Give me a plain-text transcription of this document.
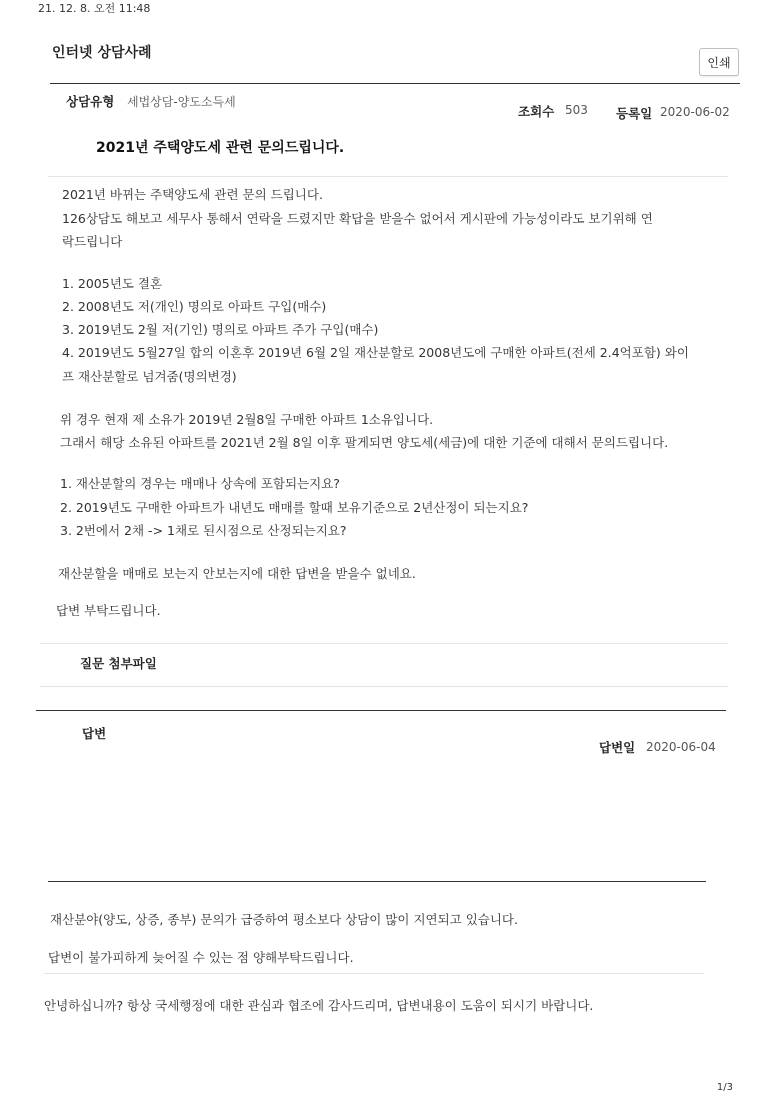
21. 12. 8. 오전 11:48
인터넷 상담사례
인쇄
상담유형 세법상담-양도소득세
조회수 503 등록일 2020-06-02
2021년 주택양도세 관련 문의드립니다.
2021년 바뀌는 주택양도세 관련 문의 드립니다.
126상담도 해보고 세무사 통해서 연락을 드렸지만 확답을 받을수 없어서 게시판에 가능성이라도 보기위해 연
락드립니다
1. 2005년도 결혼
2. 2008년도 저(개인) 명의로 아파트 구입(매수)
3. 2019년도 2월 저(기인) 명의로 아파트 주가 구입(매수)
4. 2019년도 5월27일 합의 이혼후 2019년 6월 2일 재산분할로 2008년도에 구매한 아파트(전세 2.4억포함) 와이
프 재산분할로 넘겨줌(명의변경)
위 경우 현재 제 소유가 2019년 2월8일 구매한 아파트 1소유입니다.
그래서 해당 소유된 아파트를 2021년 2월 8일 이후 팔게되면 양도세(세금)에 대한 기준에 대해서 문의드립니다.
1. 재산분할의 경우는 매매나 상속에 포함되는지요?
2. 2019년도 구매한 아파트가 내년도 매매를 할때 보유기준으로 2년산정이 되는지요?
3. 2번에서 2채 -> 1채로 된시점으로 산정되는지요?
재산분할을 매매로 보는지 안보는지에 대한 답변을 받을수 없네요.
답변 부탁드립니다.
질문 첨부파일
답변
답변일 2020-06-04
재산분야(양도, 상증, 종부) 문의가 급증하여 평소보다 상담이 많이 지연되고 있습니다.
답변이 불가피하게 늦어질 수 있는 점 양해부탁드립니다.
안녕하십니까? 항상 국세행정에 대한 관심과 협조에 감사드리며, 답변내용이 도움이 되시기 바랍니다.
1/3
